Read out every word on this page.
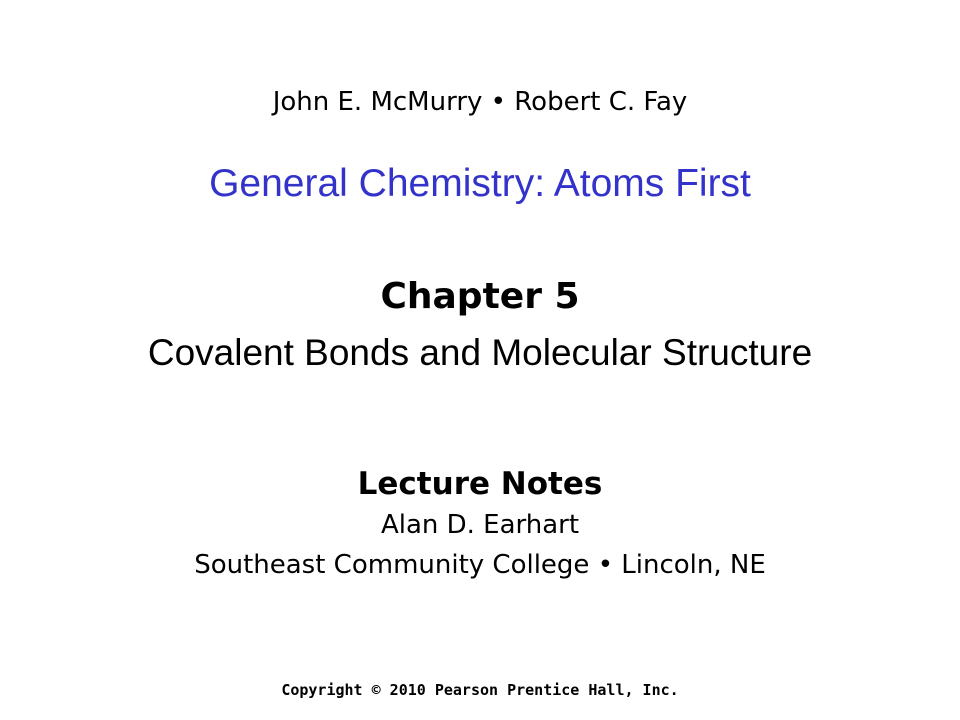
John E. McMurry • Robert C. Fay
General Chemistry: Atoms First
Chapter 5
Covalent Bonds and Molecular Structure
Lecture Notes
Alan D. Earhart
Southeast Community College • Lincoln, NE
Copyright © 2010 Pearson Prentice Hall, Inc.
